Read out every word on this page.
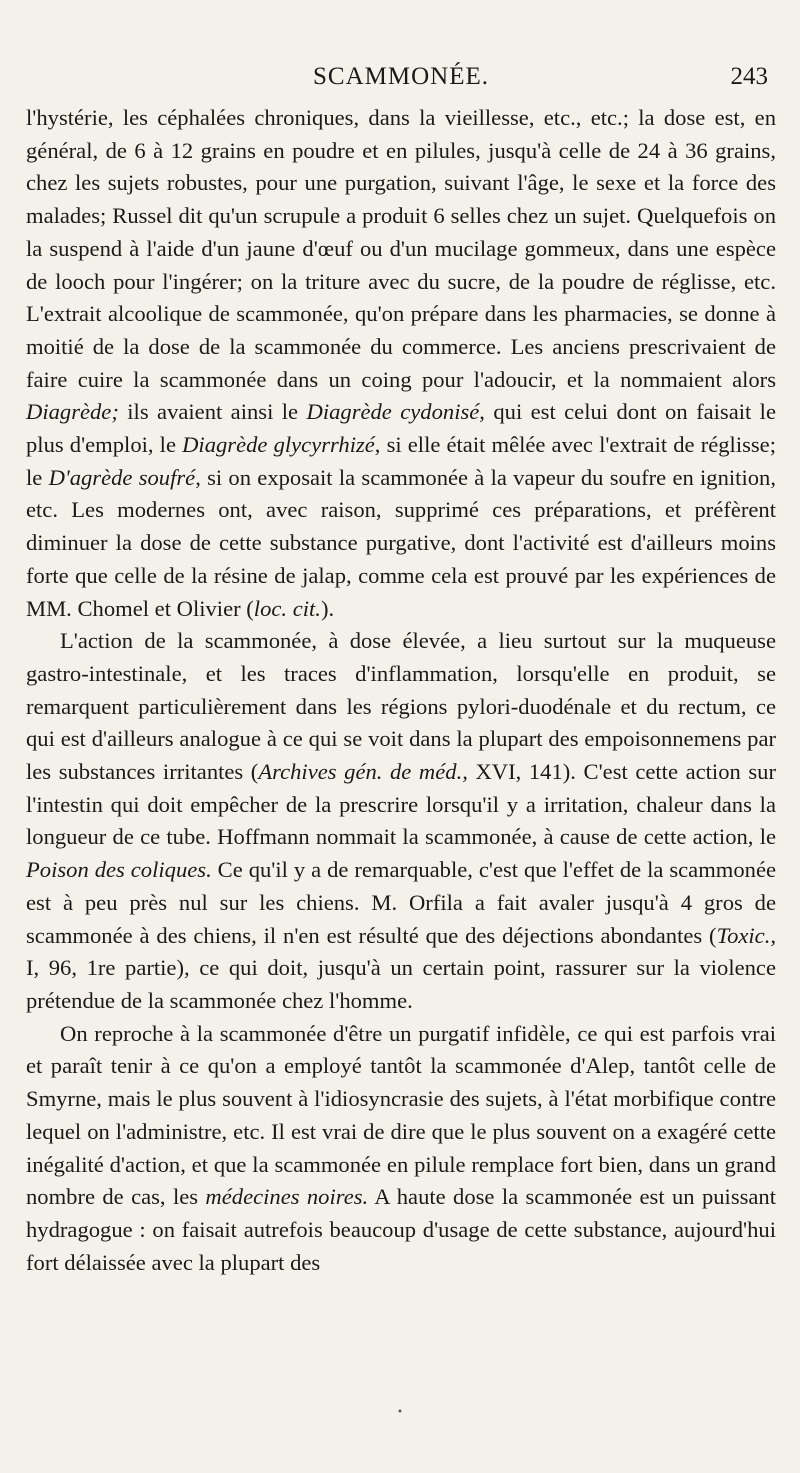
SCAMMONÉE.	243

l'hystérie, les céphalées chroniques, dans la vieillesse, etc., etc.; la dose est, en général, de 6 à 12 grains en poudre et en pilules, jusqu'à celle de 24 à 36 grains, chez les sujets robustes, pour une purgation, suivant l'âge, le sexe et la force des malades; Russel dit qu'un scrupule a produit 6 selles chez un sujet. Quelquefois on la suspend à l'aide d'un jaune d'œuf ou d'un mucilage gommeux, dans une espèce de looch pour l'ingérer; on la triture avec du sucre, de la poudre de réglisse, etc. L'extrait alcoolique de scammonée, qu'on prépare dans les pharmacies, se donne à moitié de la dose de la scammonée du commerce. Les anciens prescrivaient de faire cuire la scammonée dans un coing pour l'adoucir, et la nommaient alors Diagrède; ils avaient ainsi le Diagrède cydonisé, qui est celui dont on faisait le plus d'emploi, le Diagrède glycyrrhizé, si elle était mêlée avec l'extrait de réglisse; le D'agrède soufré, si on exposait la scammonée à la vapeur du soufre en ignition, etc. Les modernes ont, avec raison, supprimé ces préparations, et préfèrent diminuer la dose de cette substance purgative, dont l'activité est d'ailleurs moins forte que celle de la résine de jalap, comme cela est prouvé par les expériences de MM. Chomel et Olivier (loc. cit.).

L'action de la scammonée, à dose élevée, a lieu surtout sur la muqueuse gastro-intestinale, et les traces d'inflammation, lorsqu'elle en produit, se remarquent particulièrement dans les régions pylori-duodénale et du rectum, ce qui est d'ailleurs analogue à ce qui se voit dans la plupart des empoisonnemens par les substances irritantes (Archives gén. de méd., XVI, 141). C'est cette action sur l'intestin qui doit empêcher de la prescrire lorsqu'il y a irritation, chaleur dans la longueur de ce tube. Hoffmann nommait la scammonée, à cause de cette action, le Poison des coliques. Ce qu'il y a de remarquable, c'est que l'effet de la scammonée est à peu près nul sur les chiens. M. Orfila a fait avaler jusqu'à 4 gros de scammonée à des chiens, il n'en est résulté que des déjections abondantes (Toxic., I, 96, 1re partie), ce qui doit, jusqu'à un certain point, rassurer sur la violence prétendue de la scammonée chez l'homme.

On reproche à la scammonée d'être un purgatif infidèle, ce qui est parfois vrai et paraît tenir à ce qu'on a employé tantôt la scammonée d'Alep, tantôt celle de Smyrne, mais le plus souvent à l'idiosyncrasie des sujets, à l'état morbifique contre lequel on l'administre, etc. Il est vrai de dire que le plus souvent on a exagéré cette inégalité d'action, et que la scammonée en pilule remplace fort bien, dans un grand nombre de cas, les médecines noires. A haute dose la scammonée est un puissant hydragogue : on faisait autrefois beaucoup d'usage de cette substance, aujourd'hui fort délaissée avec la plupart des

•
